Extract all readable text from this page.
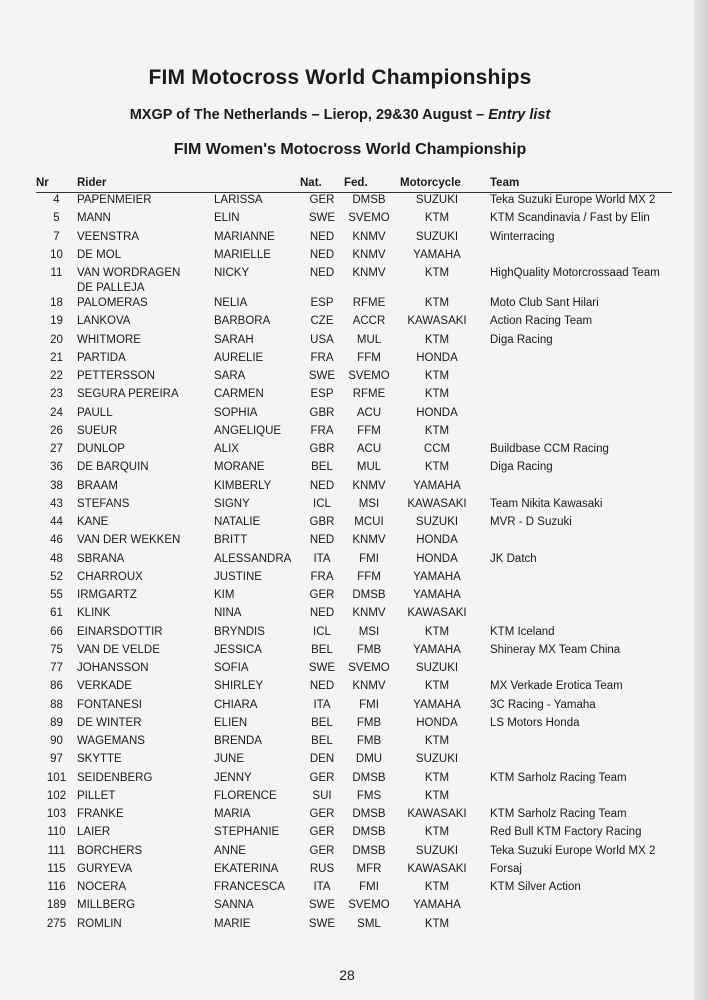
FIM Motocross World Championships

MXGP of The Netherlands – Lierop, 29&30 August – Entry list

FIM Women's Motocross World Championship
Nr	Rider		Nat.	Fed.	Motorcycle	Team
4	PAPENMEIER	LARISSA	GER	DMSB	SUZUKI	Teka Suzuki Europe World MX 2
5	MANN	ELIN	SWE	SVEMO	KTM	KTM Scandinavia / Fast by Elin
7	VEENSTRA	MARIANNE	NED	KNMV	SUZUKI	Winterracing
10	DE MOL	MARIELLE	NED	KNMV	YAMAHA	
11	VAN WORDRAGEN
DE PALLEJA	NICKY	NED	KNMV	KTM	HighQuality Motorcrossaad Team
18	PALOMERAS	NELIA	ESP	RFME	KTM	Moto Club Sant Hilari
19	LANKOVA	BARBORA	CZE	ACCR	KAWASAKI	Action Racing Team
20	WHITMORE	SARAH	USA	MUL	KTM	Diga Racing
21	PARTIDA	AURELIE	FRA	FFM	HONDA	
22	PETTERSSON	SARA	SWE	SVEMO	KTM	
23	SEGURA PEREIRA	CARMEN	ESP	RFME	KTM	
24	PAULL	SOPHIA	GBR	ACU	HONDA	
26	SUEUR	ANGELIQUE	FRA	FFM	KTM	
27	DUNLOP	ALIX	GBR	ACU	CCM	Buildbase CCM Racing
36	DE BARQUIN	MORANE	BEL	MUL	KTM	Diga Racing
38	BRAAM	KIMBERLY	NED	KNMV	YAMAHA	
43	STEFANS	SIGNY	ICL	MSI	KAWASAKI	Team Nikita Kawasaki
44	KANE	NATALIE	GBR	MCUI	SUZUKI	MVR - D Suzuki
46	VAN DER WEKKEN	BRITT	NED	KNMV	HONDA	
48	SBRANA	ALESSANDRA	ITA	FMI	HONDA	JK Datch
52	CHARROUX	JUSTINE	FRA	FFM	YAMAHA	
55	IRMGARTZ	KIM	GER	DMSB	YAMAHA	
61	KLINK	NINA	NED	KNMV	KAWASAKI	
66	EINARSDOTTIR	BRYNDIS	ICL	MSI	KTM	KTM Iceland
75	VAN DE VELDE	JESSICA	BEL	FMB	YAMAHA	Shineray MX Team China
77	JOHANSSON	SOFIA	SWE	SVEMO	SUZUKI	
86	VERKADE	SHIRLEY	NED	KNMV	KTM	MX Verkade Erotica Team
88	FONTANESI	CHIARA	ITA	FMI	YAMAHA	3C Racing - Yamaha
89	DE WINTER	ELIEN	BEL	FMB	HONDA	LS Motors Honda
90	WAGEMANS	BRENDA	BEL	FMB	KTM	
97	SKYTTE	JUNE	DEN	DMU	SUZUKI	
101	SEIDENBERG	JENNY	GER	DMSB	KTM	KTM Sarholz Racing Team
102	PILLET	FLORENCE	SUI	FMS	KTM	
103	FRANKE	MARIA	GER	DMSB	KAWASAKI	KTM Sarholz Racing Team
110	LAIER	STEPHANIE	GER	DMSB	KTM	Red Bull KTM Factory Racing
111	BORCHERS	ANNE	GER	DMSB	SUZUKI	Teka Suzuki Europe World MX 2
115	GURYEVA	EKATERINA	RUS	MFR	KAWASAKI	Forsaj
116	NOCERA	FRANCESCA	ITA	FMI	KTM	KTM Silver Action
189	MILLBERG	SANNA	SWE	SVEMO	YAMAHA	
275	ROMLIN	MARIE	SWE	SML	KTM	
28
